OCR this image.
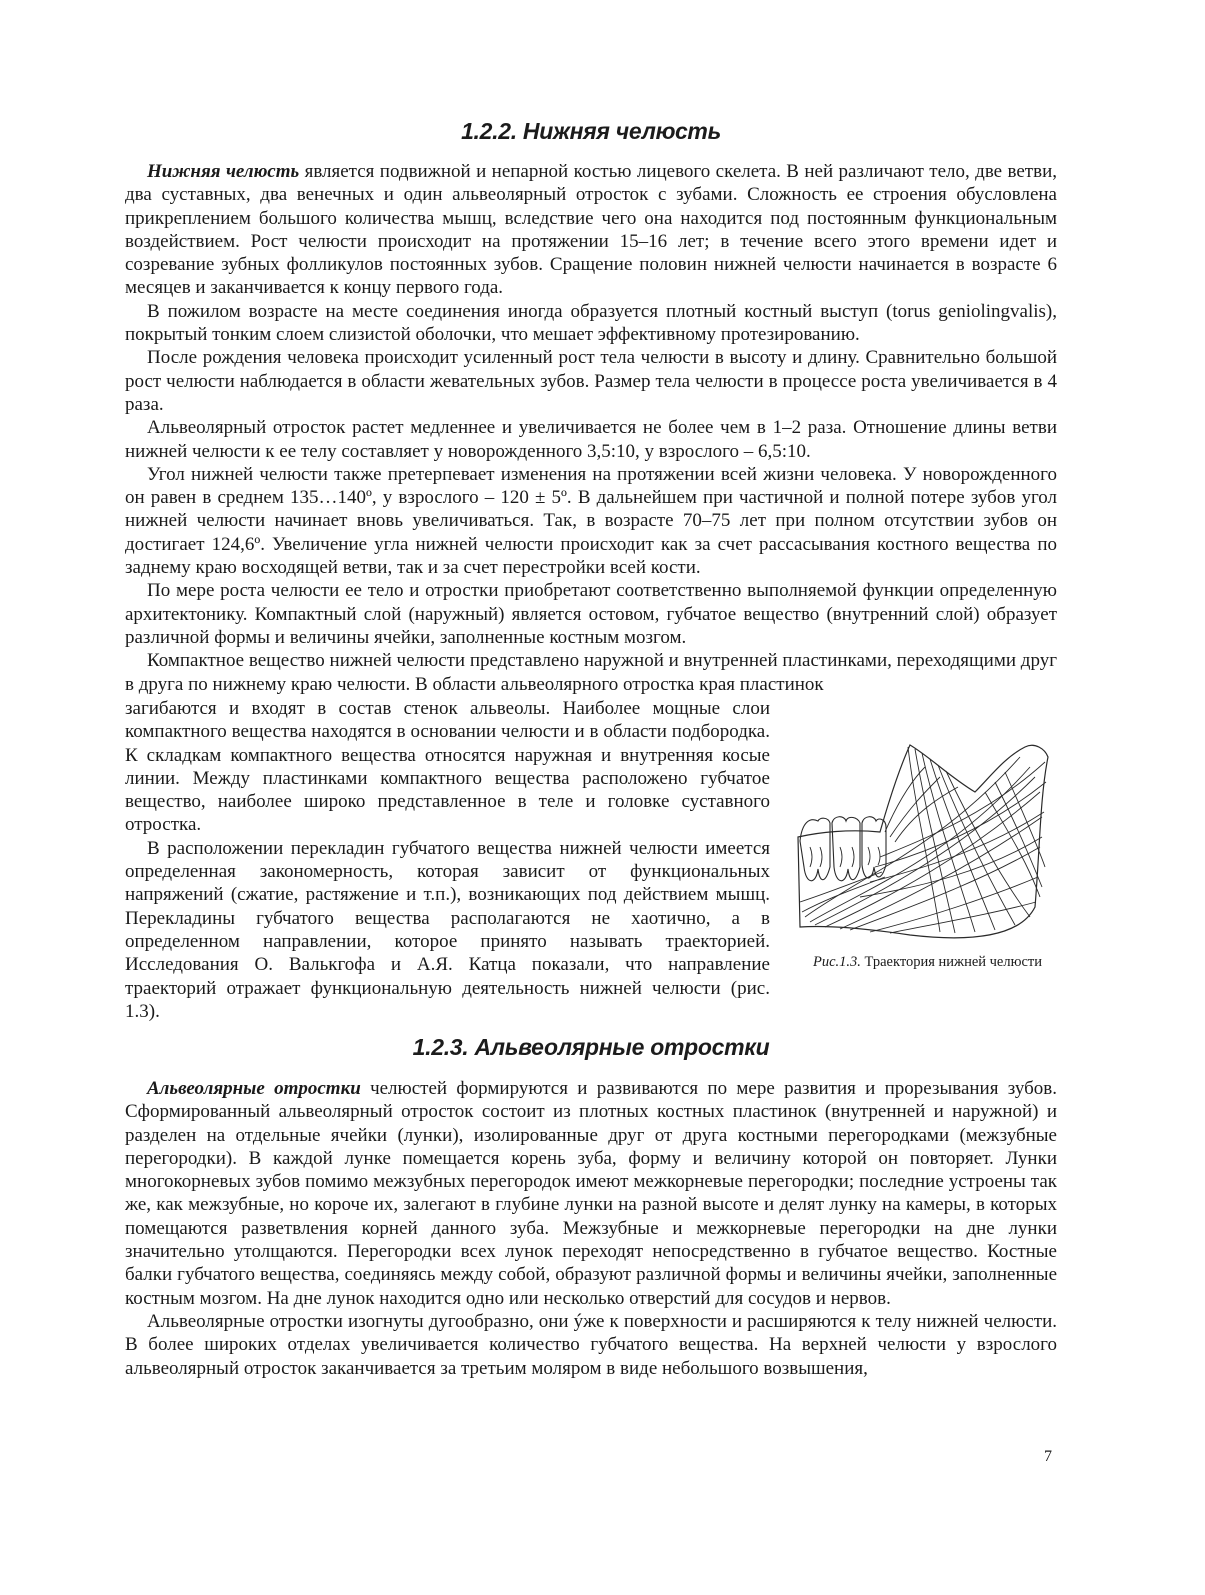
1.2.2. Нижняя челюсть

Нижняя челюсть является подвижной и непарной костью лицевого скелета. В ней различают тело, две ветви, два суставных, два венечных и один альвеолярный отросток с зубами. Сложность ее строения обусловлена прикреплением большого количества мышц, вследствие чего она находится под постоянным функциональным воздействием. Рост челюсти происходит на протяжении 15–16 лет; в течение всего этого времени идет и созревание зубных фолликулов постоянных зубов. Сращение половин нижней челюсти начинается в возрасте 6 месяцев и заканчивается к концу первого года.

В пожилом возрасте на месте соединения иногда образуется плотный костный выступ (torus geniolingvalis), покрытый тонким слоем слизистой оболочки, что мешает эффективному протезированию.

После рождения человека происходит усиленный рост тела челюсти в высоту и длину. Сравнительно большой рост челюсти наблюдается в области жевательных зубов. Размер тела челюсти в процессе роста увеличивается в 4 раза.

Альвеолярный отросток растет медленнее и увеличивается не более чем в 1–2 раза. Отношение длины ветви нижней челюсти к ее телу составляет у новорожденного 3,5:10, у взрослого – 6,5:10.

Угол нижней челюсти также претерпевает изменения на протяжении всей жизни человека. У новорожденного он равен в среднем 135…140º, у взрослого – 120 ± 5º. В дальнейшем при частичной и полной потере зубов угол нижней челюсти начинает вновь увеличиваться. Так, в возрасте 70–75 лет при полном отсутствии зубов он достигает 124,6º. Увеличение угла нижней челюсти происходит как за счет рассасывания костного вещества по заднему краю восходящей ветви, так и за счет перестройки всей кости.

По мере роста челюсти ее тело и отростки приобретают соответственно выполняемой функции определенную архитектонику. Компактный слой (наружный) является остовом, губчатое вещество (внутренний слой) образует различной формы и величины ячейки, заполненные костным мозгом.

Компактное вещество нижней челюсти представлено наружной и внутренней пластинками, переходящими друг в друга по нижнему краю челюсти. В области альвеолярного отростка края пластинок

загибаются и входят в состав стенок альвеолы. Наиболее мощные слои компактного вещества находятся в основании челюсти и в области подбородка. К складкам компактного вещества относятся наружная и внутренняя косые линии. Между пластинками компактного вещества расположено губчатое вещество, наиболее широко представленное в теле и головке суставного отростка.

В расположении перекладин губчатого вещества нижней челюсти имеется определенная закономерность, которая зависит от функциональных напряжений (сжатие, растяжение и т.п.), возникающих под действием мышц. Перекладины губчатого вещества располагаются не хаотично, а в определенном направлении, которое принято называть траекторией. Исследования О. Валькгофа и А.Я. Катца показали, что направление траекторий отражает функциональную деятельность нижней челюсти (рис. 1.3).

Рис.1.3. Траектория нижней челюсти
1.2.3. Альвеолярные отростки

Альвеолярные отростки челюстей формируются и развиваются по мере развития и прорезывания зубов. Сформированный альвеолярный отросток состоит из плотных костных пластинок (внутренней и наружной) и разделен на отдельные ячейки (лунки), изолированные друг от друга костными перегородками (межзубные перегородки). В каждой лунке помещается корень зуба, форму и величину которой он повторяет. Лунки многокорневых зубов помимо межзубных перегородок имеют межкорневые перегородки; последние устроены так же, как межзубные, но короче их, залегают в глубине лунки на разной высоте и делят лунку на камеры, в которых помещаются разветвления корней данного зуба. Межзубные и межкорневые перегородки на дне лунки значительно утолщаются. Перегородки всех лунок переходят непосредственно в губчатое вещество. Костные балки губчатого вещества, соединяясь между собой, образуют различной формы и величины ячейки, заполненные костным мозгом. На дне лунок находится одно или несколько отверстий для сосудов и нервов.

Альвеолярные отростки изогнуты дугообразно, они ýже к поверхности и расширяются к телу нижней челюсти. В более широких отделах увеличивается количество губчатого вещества. На верхней челюсти у взрослого альвеолярный отросток заканчивается за третьим моляром в виде небольшого возвышения,

7
